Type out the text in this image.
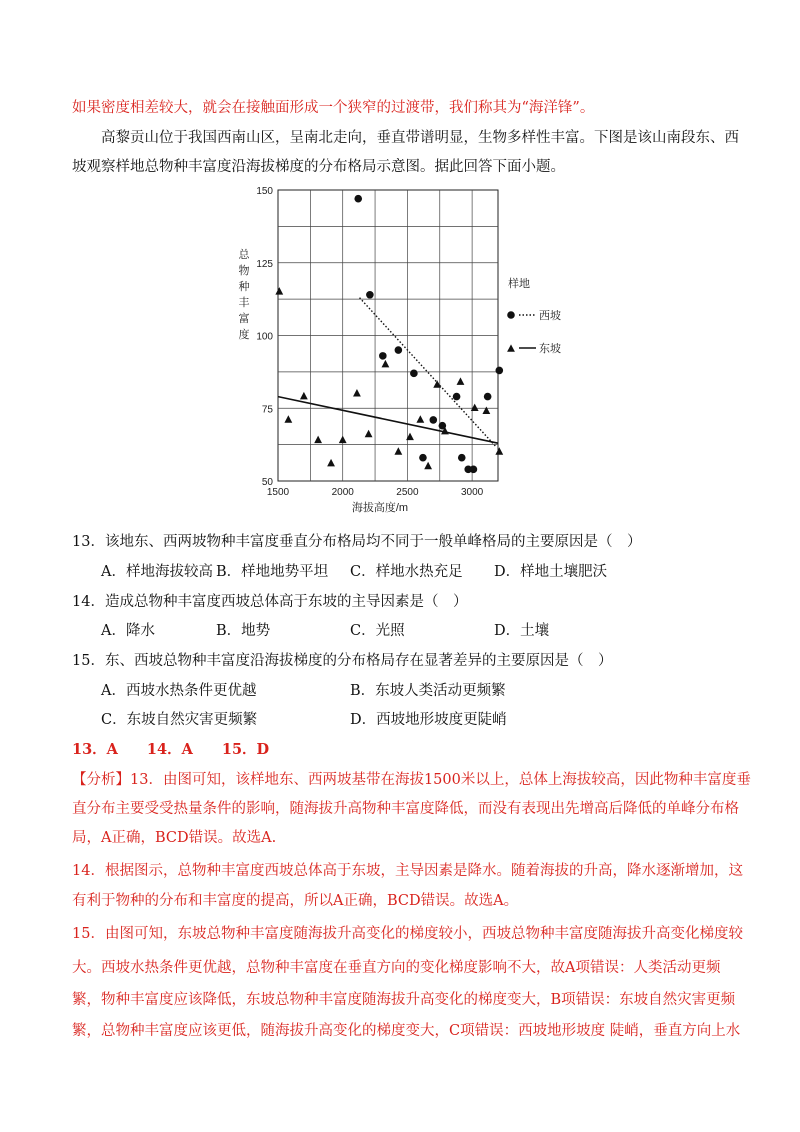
如果密度相差较大，就会在接触面形成一个狭窄的过渡带，我们称其为“海洋锋”。
高黎贡山位于我国西南山区，呈南北走向，垂直带谱明显，生物多样性丰富。下图是该山南段东、西
坡观察样地总物种丰富度沿海拔梯度的分布格局示意图。据此回答下面小题。
总
物
种
丰
富
度
1500	2000	2500	3000
50
75
100
125
150
海拔高度/m
样地
西坡
东坡
13．该地东、西两坡物种丰富度垂直分布格局均不同于一般单峰格局的主要原因是（　）
A．样地海拔较高 B．样地地势平坦 C．样地水热充足 D．样地土壤肥沃
14．造成总物种丰富度西坡总体高于东坡的主导因素是（　）
A．降水	B．地势	C．光照	D．土壤
15．东、西坡总物种丰富度沿海拔梯度的分布格局存在显著差异的主要原因是（　）
A．西坡水热条件更优越	B．东坡人类活动更频繁
C．东坡自然灾害更频繁	D．西坡地形坡度更陡峭
13．A　　14．A　　15．D
【分析】13．由图可知，该样地东、西两坡基带在海拔1500米以上，总体上海拔较高，因此物种丰富度垂
直分布主要受受热量条件的影响，随海拔升高物种丰富度降低，而没有表现出先增高后降低的单峰分布格
局，A正确，BCD错误。故选A.
14．根据图示，总物种丰富度西坡总体高于东坡，主导因素是降水。随着海拔的升高，降水逐渐增加，这
有利于物种的分布和丰富度的提高，所以A正确，BCD错误。故选A。
15．由图可知，东坡总物种丰富度随海拔升高变化的梯度较小，西坡总物种丰富度随海拔升高变化梯度较
大。西坡水热条件更优越，总物种丰富度在垂直方向的变化梯度影响不大，故A项错误：人类活动更频
繁，物种丰富度应该降低，东坡总物种丰富度随海拔升高变化的梯度变大，B项错误：东坡自然灾害更频
繁，总物种丰富度应该更低，随海拔升高变化的梯度变大，C项错误：西坡地形坡度 陡峭，垂直方向上水
